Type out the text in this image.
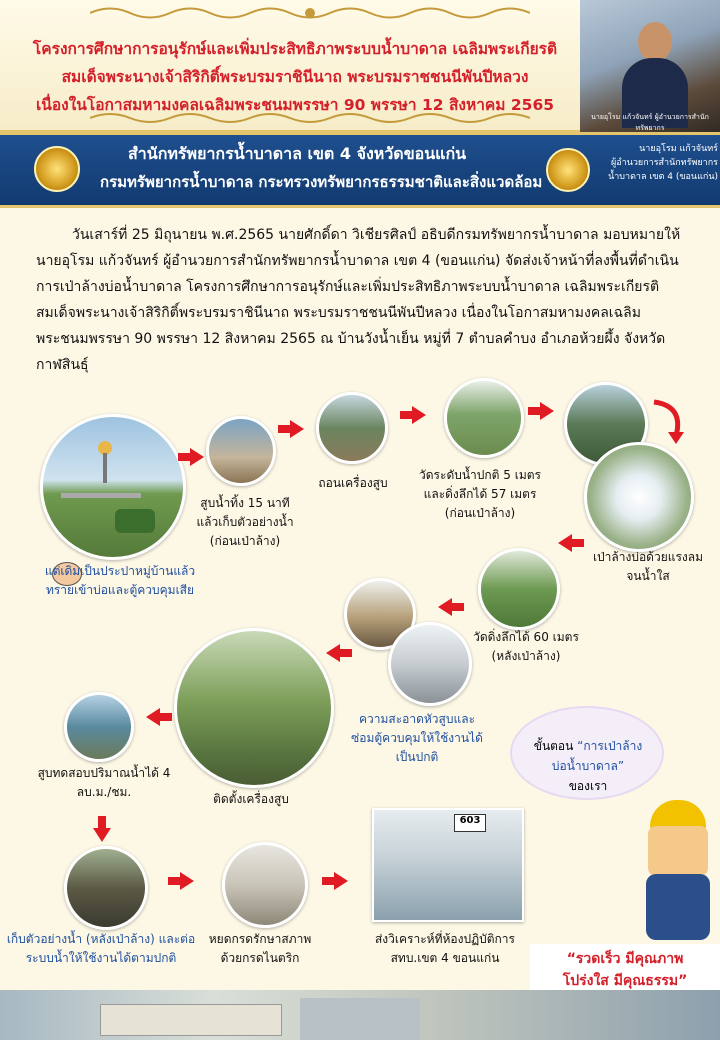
โครงการศึกษาการอนุรักษ์และเพิ่มประสิทธิภาพระบบน้ำบาดาล เฉลิมพระเกียรติ
สมเด็จพระนางเจ้าสิริกิติ์พระบรมราชินีนาถ พระบรมราชชนนีพันปีหลวง
เนื่องในโอกาสมหามงคลเฉลิมพระชนมพรรษา 90 พรรษา 12 สิงหาคม 2565
นายอุโรม แก้วจันทร์ ผู้อำนวยการสำนักทรัพยากร
สำนักทรัพยากรน้ำบาดาล เขต 4 จังหวัดขอนแก่น
กรมทรัพยากรน้ำบาดาล กระทรวงทรัพยากรธรรมชาติและสิ่งแวดล้อม
นายอุโรม แก้วจันทร์
ผู้อำนวยการสำนักทรัพยากร
น้ำบาดาล เขต 4 (ขอนแก่น)

วันเสาร์ที่ 25 มิถุนายน พ.ศ.2565 นายศักดิ์ดา วิเชียรศิลป์ อธิบดีกรมทรัพยากรน้ำบาดาล มอบหมายให้ นายอุโรม แก้วจันทร์ ผู้อำนวยการสำนักทรัพยากรน้ำบาดาล เขต 4 (ขอนแก่น) จัดส่งเจ้าหน้าที่ลงพื้นที่ดำเนินการเป่าล้างบ่อน้ำบาดาล โครงการศึกษาการอนุรักษ์และเพิ่มประสิทธิภาพระบบน้ำบาดาล เฉลิมพระเกียรติ สมเด็จพระนางเจ้าสิริกิติ์พระบรมราชินีนาถ พระบรมราชชนนีพันปีหลวง เนื่องในโอกาสมหามงคลเฉลิมพระชนมพรรษา 90 พรรษา 12 สิงหาคม 2565 ณ บ้านวังน้ำเย็น หมู่ที่ 7 ตำบลคำบง อำเภอห้วยผึ้ง จังหวัดกาฬสินธุ์

แต่เดิมเป็นประปาหมู่บ้านแล้วทรายเข้าบ่อและตู้ควบคุมเสีย
สูบน้ำทิ้ง 15 นาที แล้วเก็บตัวอย่างน้ำ (ก่อนเป่าล้าง)
ถอนเครื่องสูบ
วัดระดับน้ำปกติ 5 เมตร และดิ่งลึกได้ 57 เมตร (ก่อนเป่าล้าง)
เป่าล้างบ่อด้วยแรงลมจนน้ำใส
วัดดิ่งลึกได้ 60 เมตร (หลังเป่าล้าง)
ความสะอาดหัวสูบและซ่อมตู้ควบคุมให้ใช้งานได้เป็นปกติ
ติดตั้งเครื่องสูบ
สูบทดสอบปริมาณน้ำได้ 4 ลบ.ม./ชม.
ขั้นตอน “การเป่าล้างบ่อน้ำบาดาล”
ของเรา
เก็บตัวอย่างน้ำ (หลังเป่าล้าง) และต่อระบบน้ำให้ใช้งานได้ตามปกติ
หยดกรดรักษาสภาพด้วยกรดไนตริก
603
ส่งวิเคราะห์ที่ห้องปฏิบัติการ สทบ.เขต 4 ขอนแก่น	“รวดเร็ว มีคุณภาพ
โปร่งใส มีคุณธรรม”
